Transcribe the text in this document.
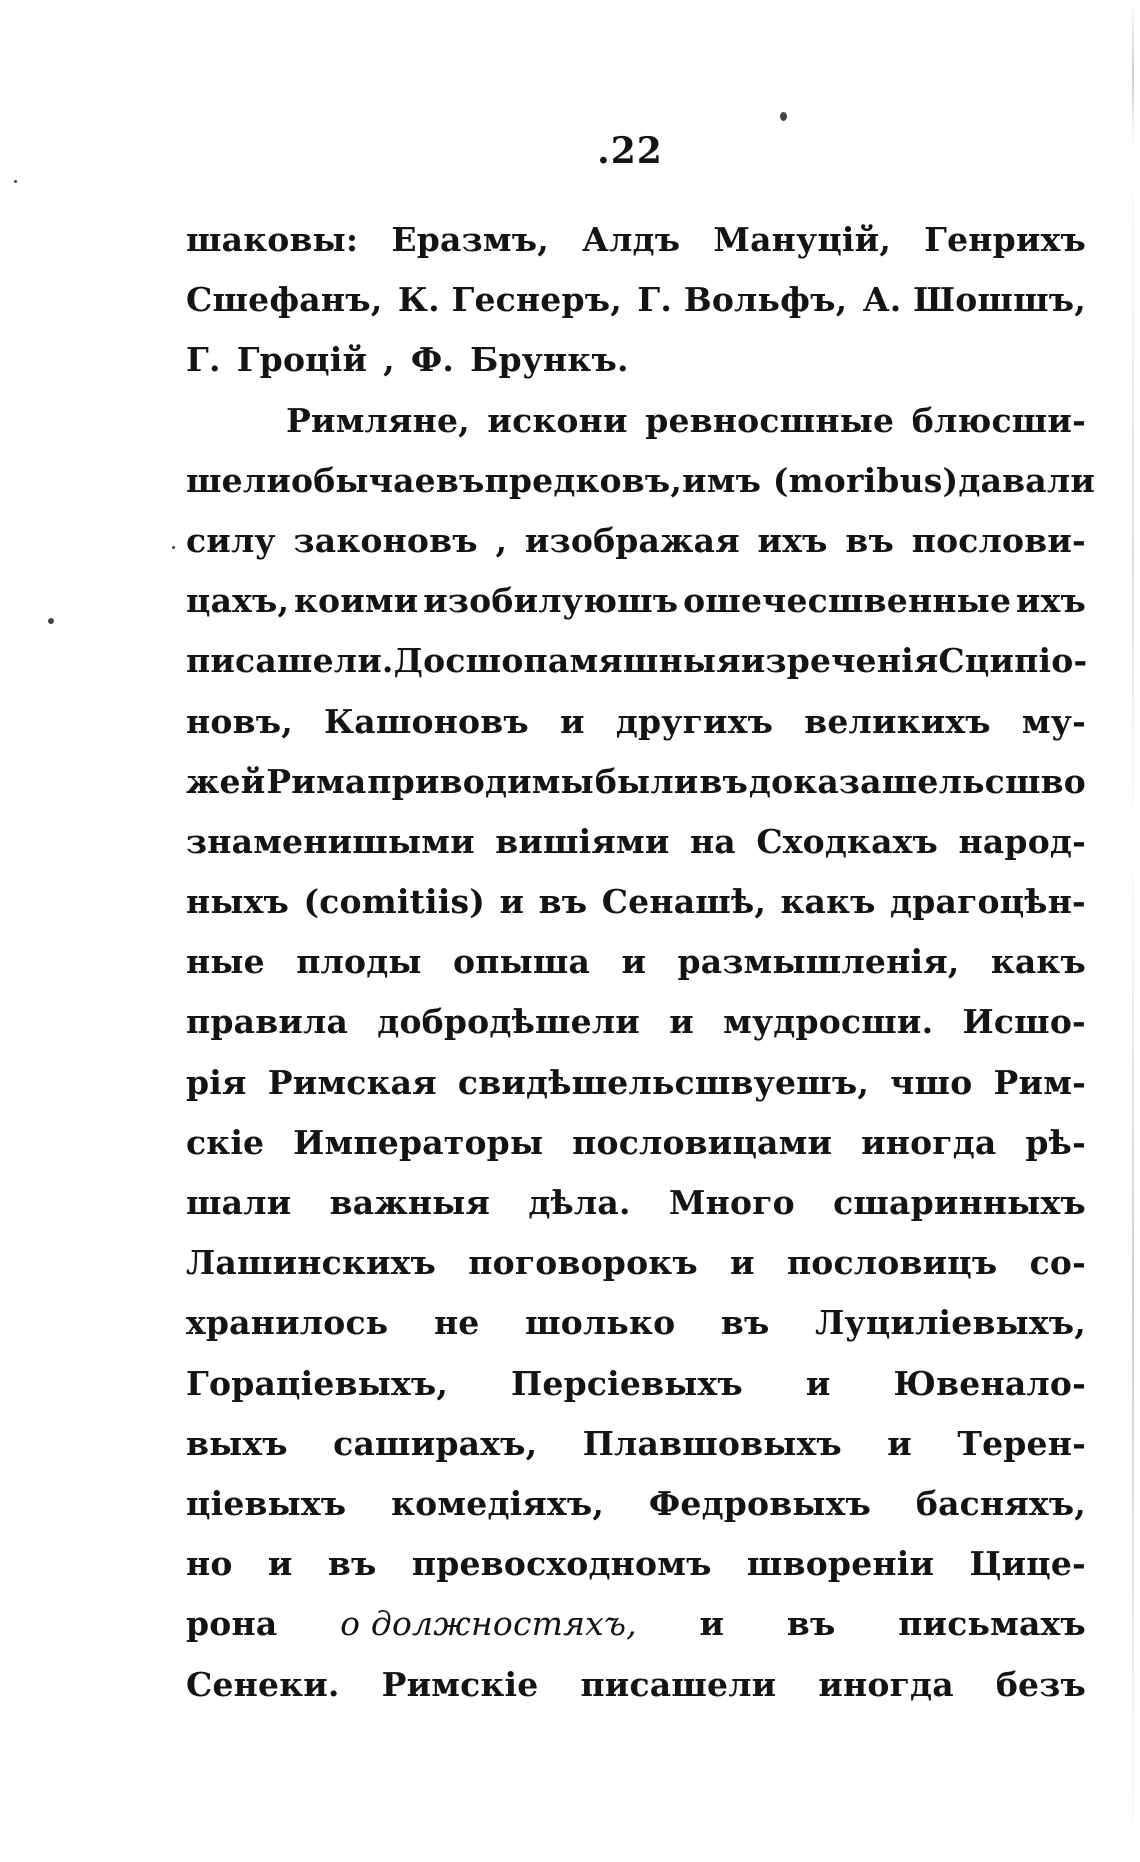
.22
шаковы: Еразмъ, Алдъ Мануцій, Генрихъ
Сшефанъ, К. Геснеръ, Г. Вольфъ, А. Шошшъ,
Г. Гроцій , Ф. Брункъ.
Римляне, искони ревносшные блюсши-
шели обычаевъ предковъ, имъ (moribus) давали
силу законовъ , изображая ихъ въ послови-
цахъ, коими изобилуюшъ ошечесшвенные ихъ
писашели. Досшопамяшныя изреченія Сципіо-
новъ, Кашоновъ и другихъ великихъ му-
жей Рима приводимы были въ доказашельсшво
знаменишыми вишіями на Сходкахъ народ-
ныхъ (comitiis) и въ Сенашѣ, какъ драгоцѣн-
ные плоды опыша и размышленія, какъ
правила добродѣшели и мудросши. Исшо-
рія Римская свидѣшельсшвуешъ, чшо Рим-
скіе Императоры пословицами иногда рѣ-
шали важныя дѣла. Много сшаринныхъ
Лашинскихъ поговорокъ и пословицъ со-
хранилось не шолько въ Луциліевыхъ,
Гораціевыхъ, Персіевыхъ и Ювенало-
выхъ саширахъ, Плавшовыхъ и Терен-
ціевыхъ комедіяхъ, Федровыхъ басняхъ,
но и въ превосходномъ швореніи Цице-
рона о должностяхъ, и въ письмахъ
Сенеки. Римскіе писашели иногда безъ
